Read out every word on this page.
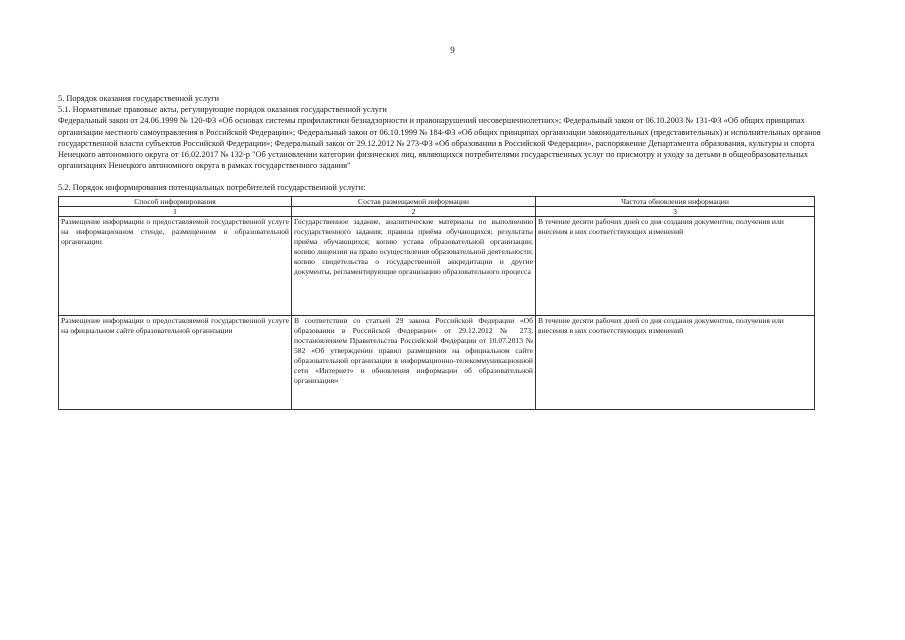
9

5. Порядок оказания государственной услуги

5.1. Нормативные правовые акты, регулирующие порядок оказания государственной услуги

Федеральный закон от 24.06.1999 № 120-ФЗ «Об основах системы профилактики безнадзорности и правонарушений несовершеннолетних»; Федеральный закон от 06.10.2003 № 131-ФЗ «Об общих принципах организации местного самоуправления в Российской Федерации»; Федеральный закон от 06.10.1999 № 184-ФЗ «Об общих принципах организации законодательных (представительных) и исполнительных органов государственной власти субъектов Российской Федерации»; Федеральный закон от 29.12.2012 № 273-ФЗ «Об образовании в Российской Федерации», распоряжение Департамента образования, культуры и спорта Ненецкого автономного округа от 16.02.2017 № 132-р "Об установлении категории физических лиц, являющихся потребителями государственных услуг по присмотру и уходу за детьми в общеобразовательных организациях Ненецкого автономного округа в рамках государственного задания"

5.2. Порядок информирования потенциальных потребителей государственной услуги:

Способ информирования	Состав размещаемой информации	Частота обновления информации
1	2	3
Размещение информации о предоставляемой государственной услуге на информационном стенде, размещенном в образовательной организации	Государственное задание, аналитические материалы по выполнению государственного задания; правила приёма обучающихся; результаты приёма обучающихся; копию устава образовательной организации; копию лицензии на право осуществления образовательной деятельности; копию свидетельства о государственной аккредитации и другие документы, регламентирующие организацию образовательного процесса	В течение десяти рабочих дней со дня создания документов, получения или внесения в них соответствующих изменений
Размещение информации о предоставляемой государственной услуге на официальном сайте образовательной организации	В соответствии со статьей 29 закона Российской Федерации «Об образовании в Российской Федерации» от 29.12.2012 № 273, постановлением Правительства Российской Федерации от 10.07.2013 № 582 «Об утверждении правил размещения на официальном сайте образовательной организации в информационно-телекоммуникационной сети «Интернет» и обновления информации об образовательной организации»	В течение десяти рабочих дней со дня создания документов, получения или внесения в них соответствующих изменений
